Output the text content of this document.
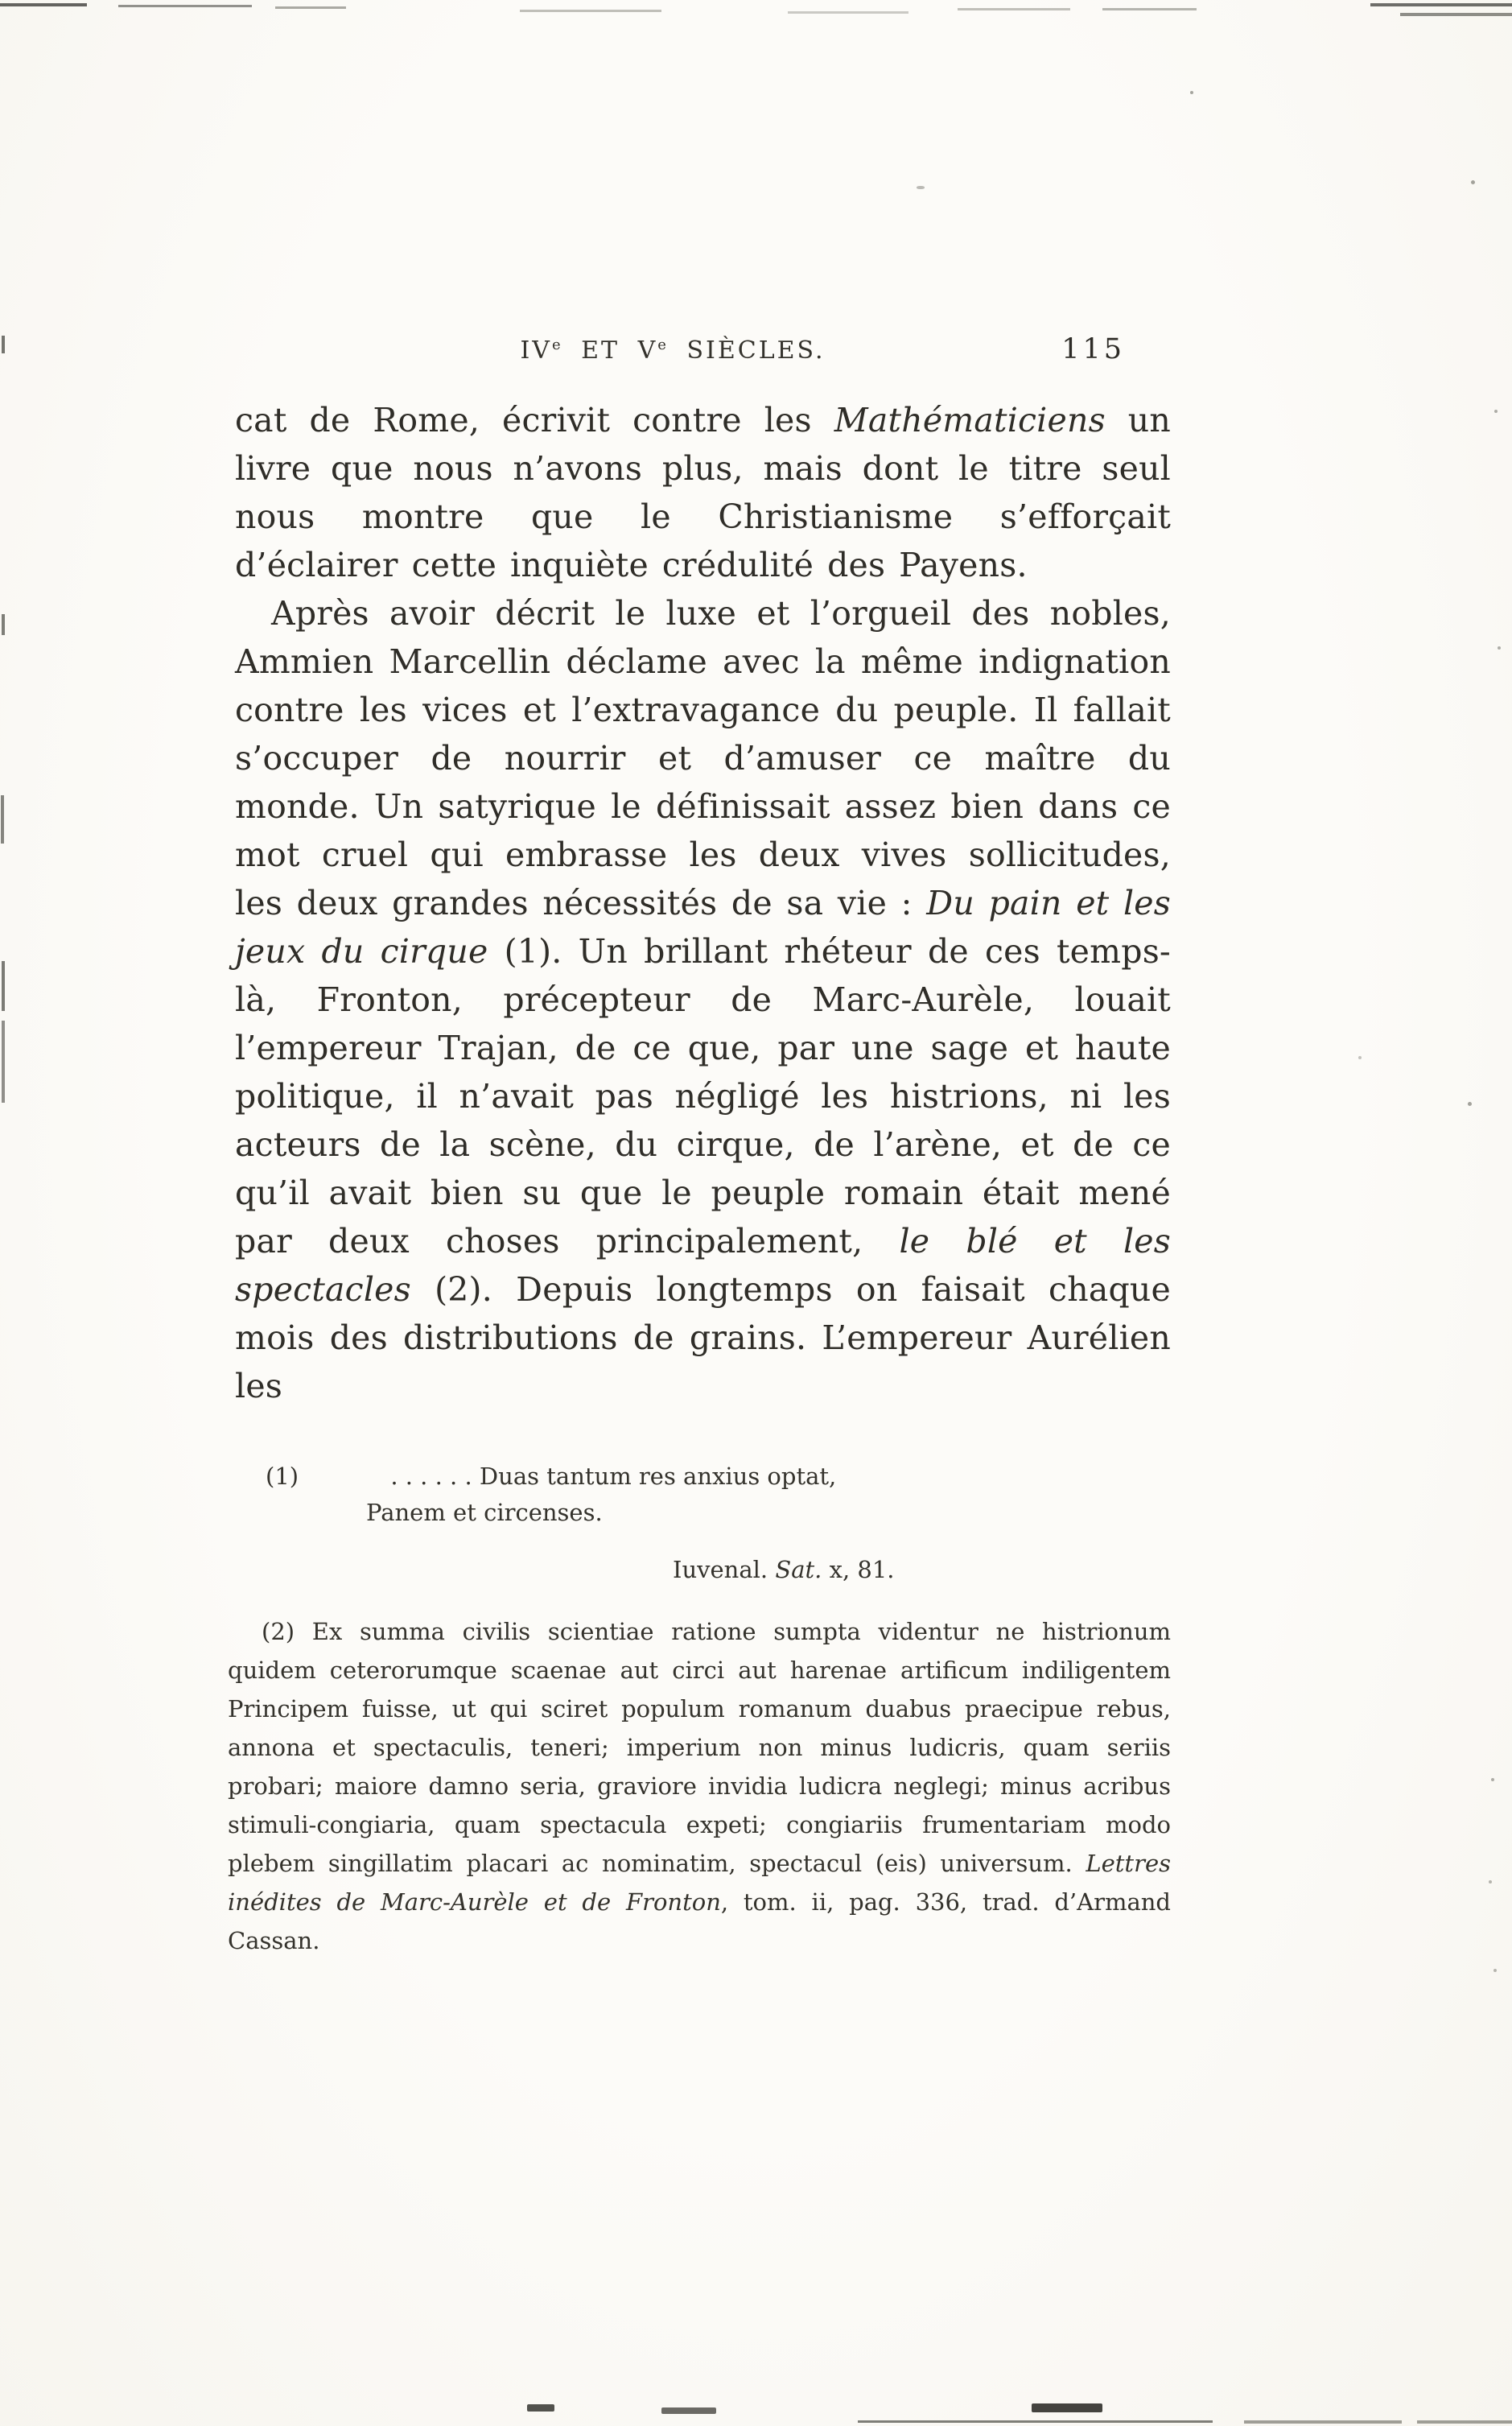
IVe ET Ve SIÈCLES.	115

cat de Rome, écrivit contre les Mathématiciens un livre que nous n’avons plus, mais dont le titre seul nous montre que le Christianisme s’efforçait d’éclairer cette inquiète crédulité des Payens.

Après avoir décrit le luxe et l’orgueil des nobles, Ammien Marcellin déclame avec la même indignation contre les vices et l’extravagance du peuple. Il fallait s’occuper de nourrir et d’amuser ce maître du monde. Un satyrique le définissait assez bien dans ce mot cruel qui embrasse les deux vives sollicitudes, les deux grandes nécessités de sa vie : Du pain et les jeux du cirque (1). Un brillant rhéteur de ces temps-là, Fronton, précepteur de Marc-Aurèle, louait l’empereur Trajan, de ce que, par une sage et haute politique, il n’avait pas négligé les histrions, ni les acteurs de la scène, du cirque, de l’arène, et de ce qu’il avait bien su que le peuple romain était mené par deux choses principalement, le blé et les spectacles (2). Depuis longtemps on faisait chaque mois des distributions de grains. L’empereur Aurélien les

(1)	. . . . . . Duas tantum res anxius optat,
Panem et circenses.
Iuvenal. Sat. x, 81.
(2) Ex summa civilis scientiae ratione sumpta videntur ne histrionum quidem ceterorumque scaenae aut circi aut harenae artificum indiligentem Principem fuisse, ut qui sciret populum romanum duabus praecipue rebus, annona et spectaculis, teneri; imperium non minus ludicris, quam seriis probari; maiore damno seria, graviore invidia ludicra neglegi; minus acribus stimuli-congiaria, quam spectacula expeti; congiariis frumentariam modo plebem singillatim placari ac nominatim, spectacul (eis) universum. Lettres inédites de Marc-Aurèle et de Fronton, tom. ii, pag. 336, trad. d’Armand Cassan.
